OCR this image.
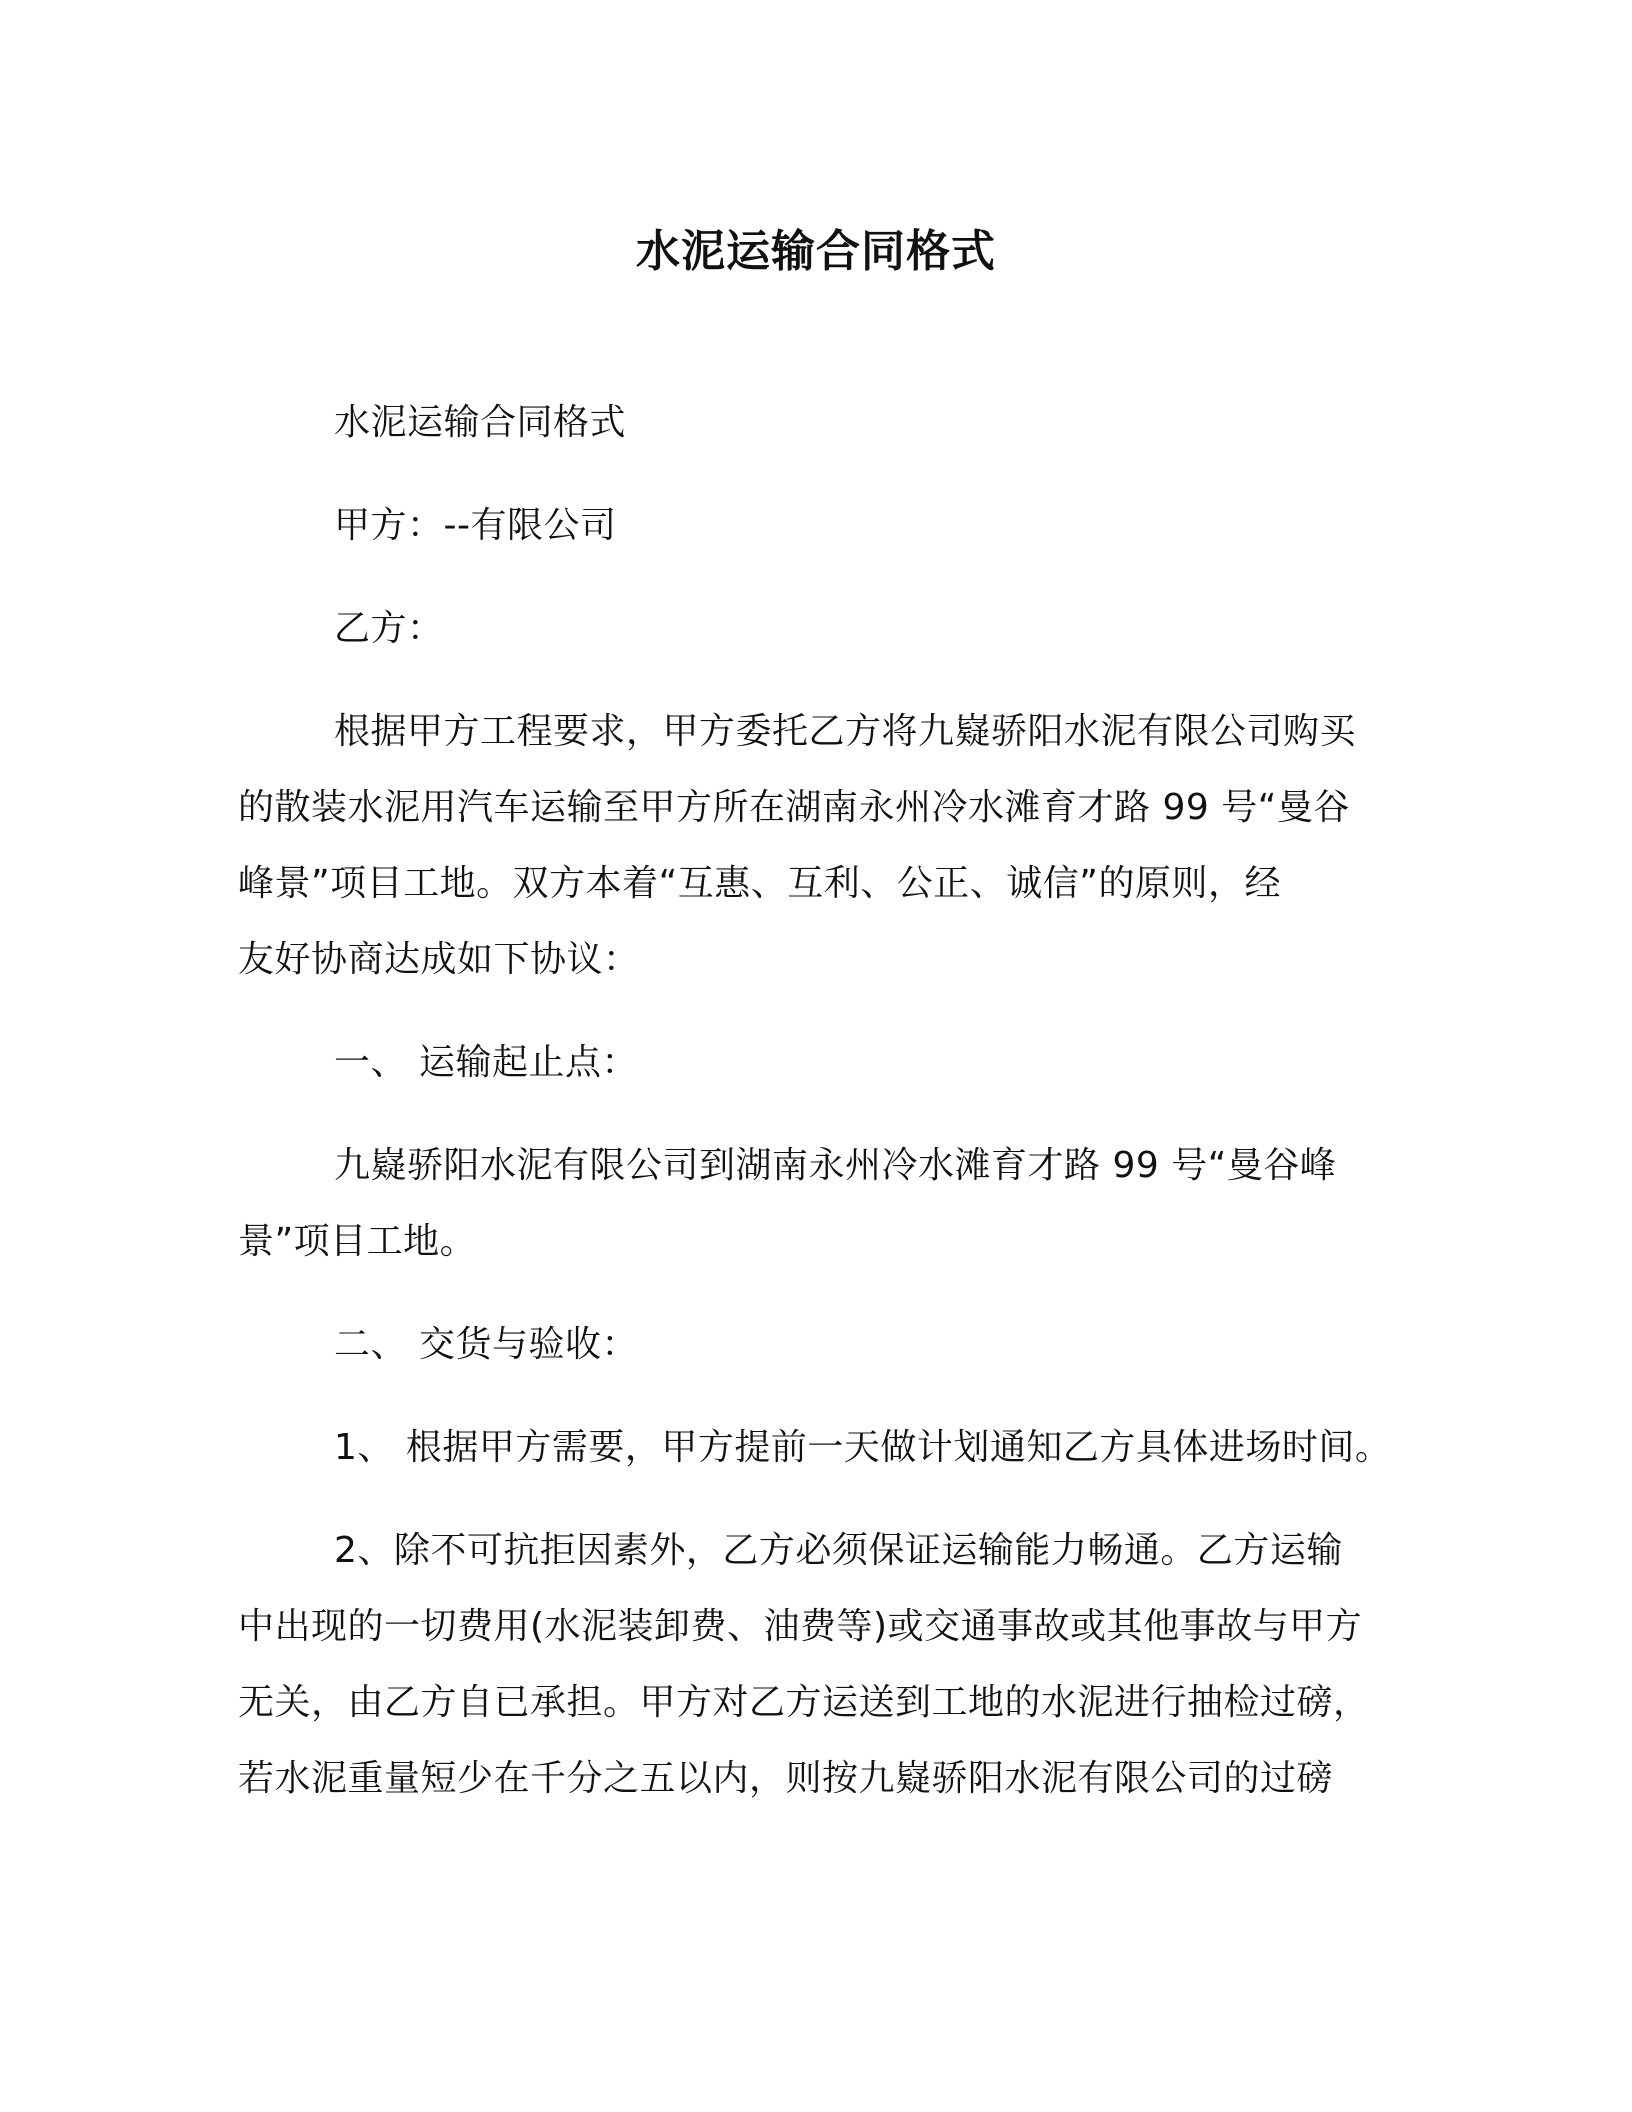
水泥运输合同格式
水泥运输合同格式
甲方：--有限公司
乙方：
根据甲方工程要求，甲方委托乙方将九嶷骄阳水泥有限公司购买
的散装水泥用汽车运输至甲方所在湖南永州冷水滩育才路 99 号“曼谷
峰景”项目工地。双方本着“互惠、互利、公正、诚信”的原则，经
友好协商达成如下协议：
一、 运输起止点：
九嶷骄阳水泥有限公司到湖南永州冷水滩育才路 99 号“曼谷峰
景”项目工地。
二、 交货与验收：
1、 根据甲方需要，甲方提前一天做计划通知乙方具体进场时间。
2、除不可抗拒因素外，乙方必须保证运输能力畅通。乙方运输
中出现的一切费用(水泥装卸费、油费等)或交通事故或其他事故与甲方
无关，由乙方自已承担。甲方对乙方运送到工地的水泥进行抽检过磅，
若水泥重量短少在千分之五以内，则按九嶷骄阳水泥有限公司的过磅
